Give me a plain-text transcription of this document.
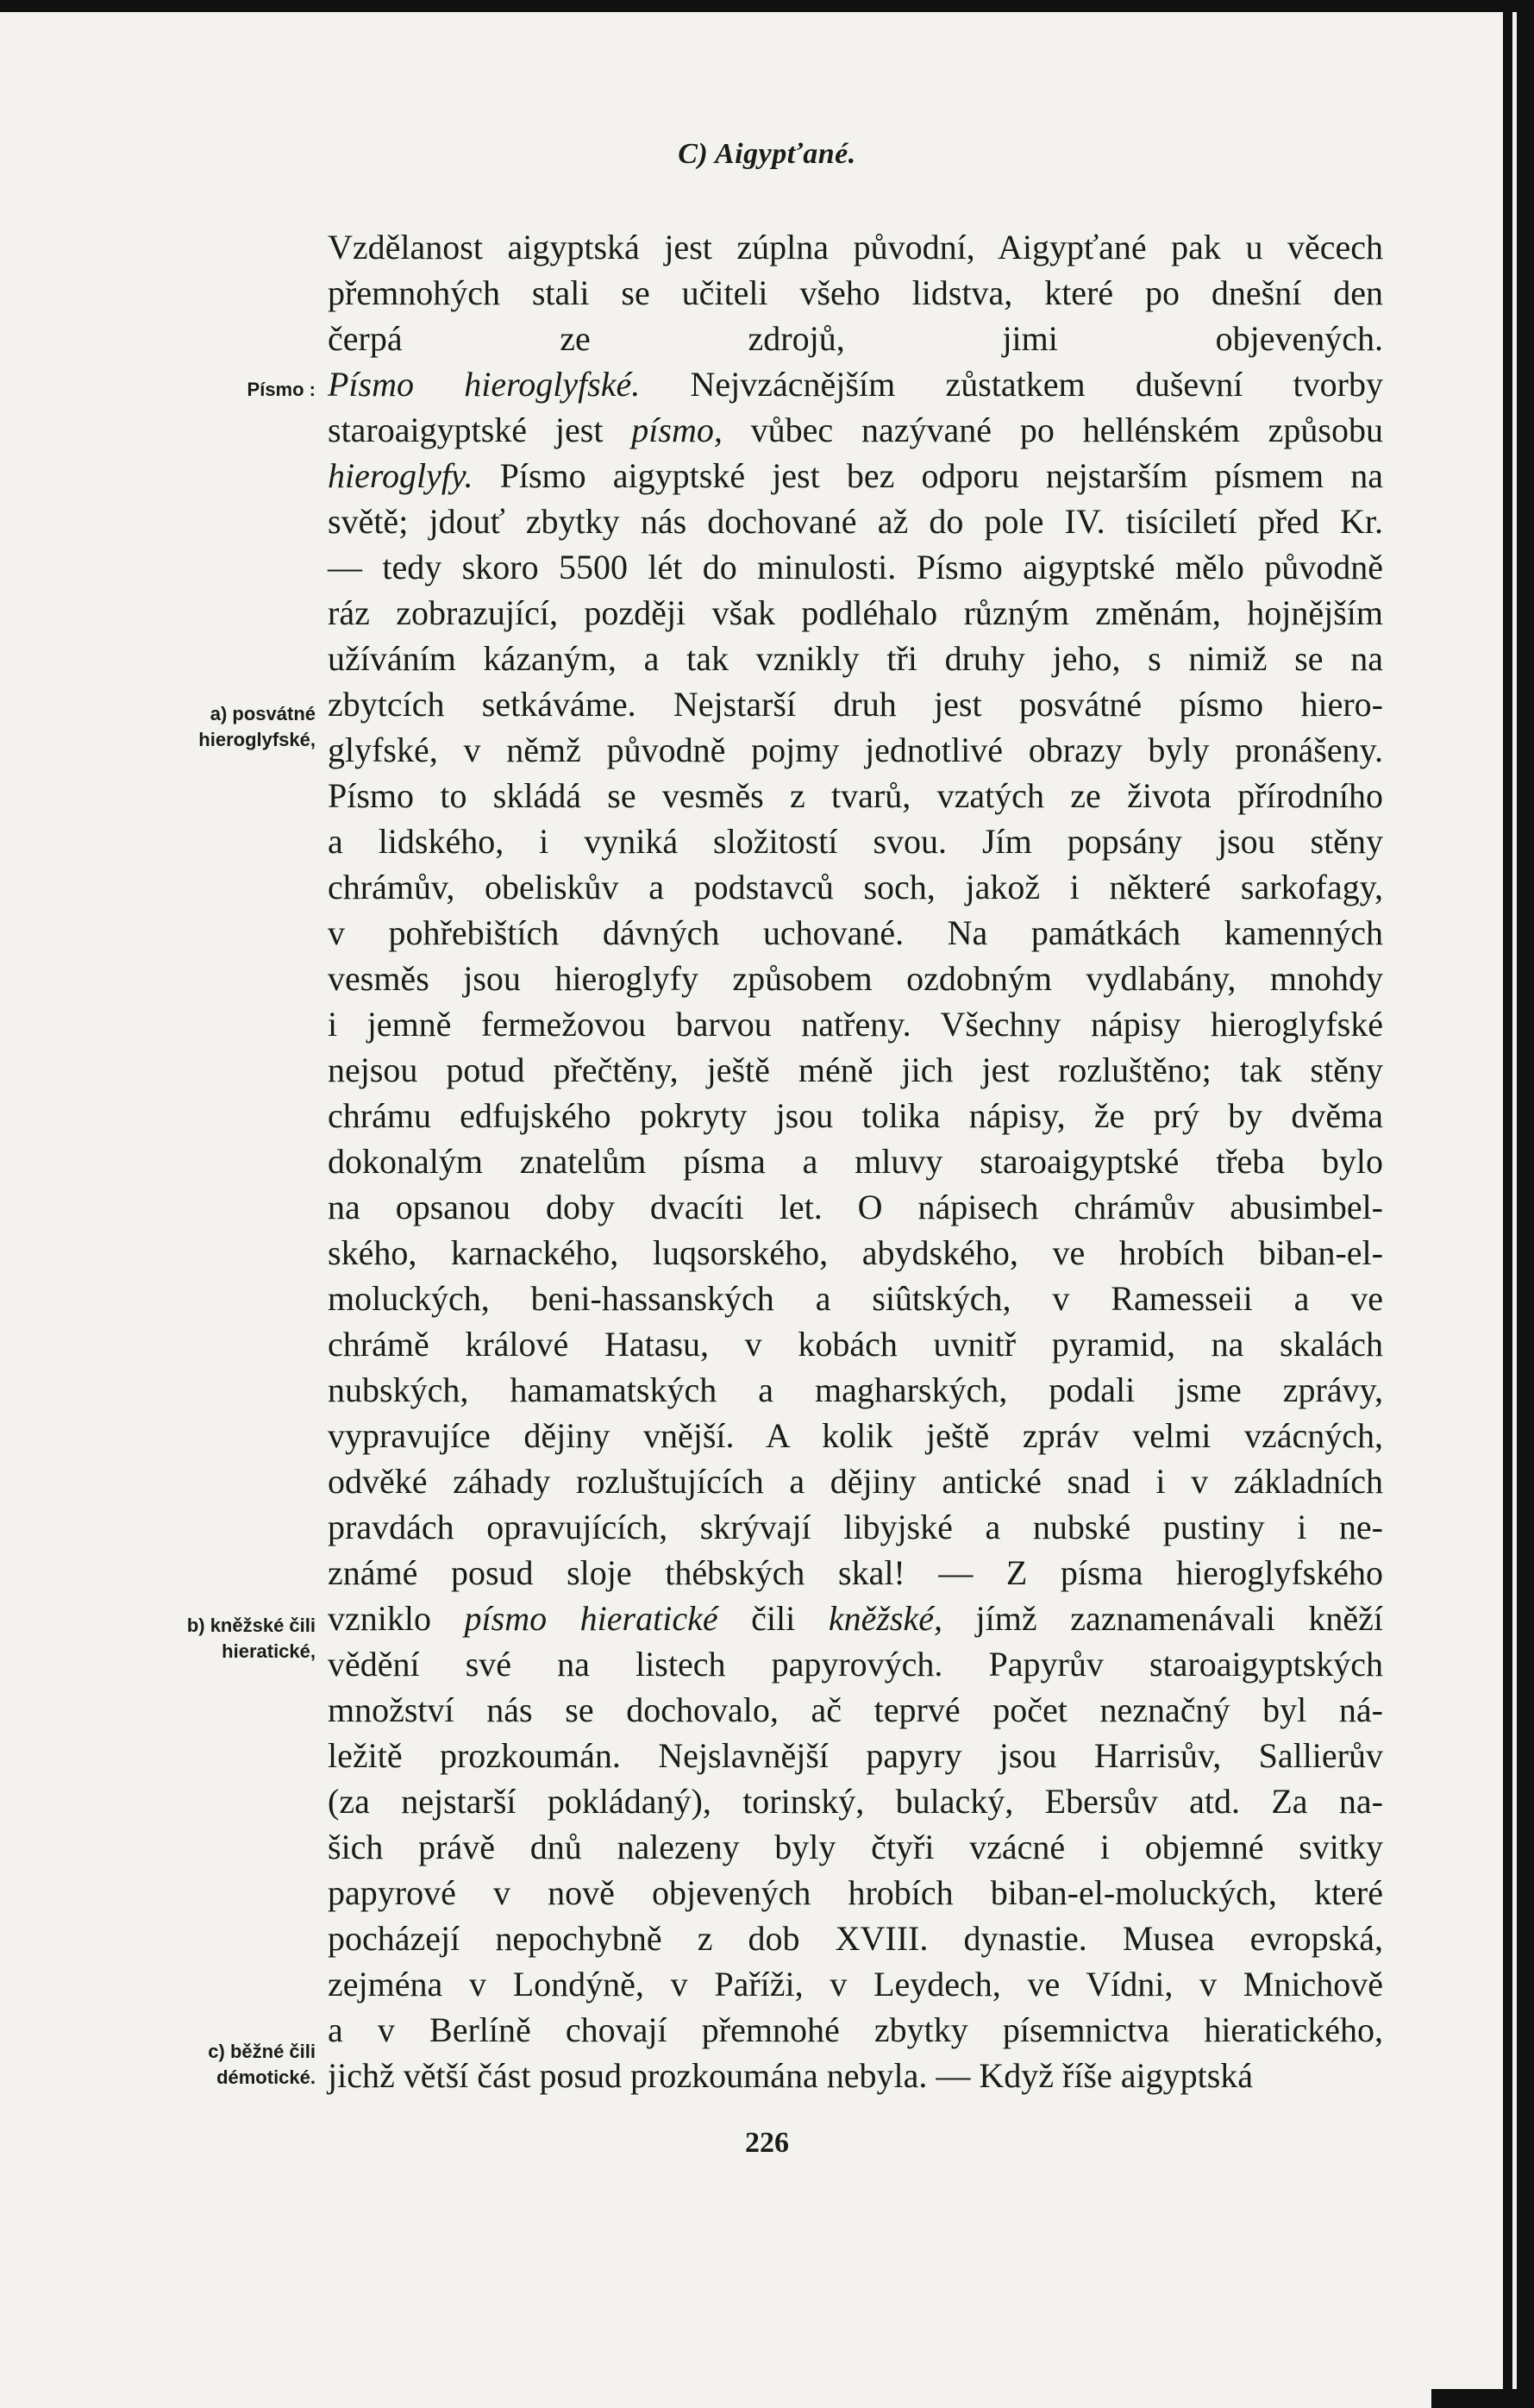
C) Aigypťané.
Vzdělanost aigyptská jest zúplna původní, Aigypťané pak u věcech
přemnohých stali se učiteli všeho lidstva, které po dnešní den
čerpá ze zdrojů, jimi objevených.
Písmo hieroglyfské. Nejvzácnějším zůstatkem duševní tvorby
staroaigyptské jest písmo, vůbec nazývané po hellénském způsobu
hieroglyfy. Písmo aigyptské jest bez odporu nejstarším písmem na
světě; jdouť zbytky nás dochované až do pole IV. tisíciletí před Kr.
— tedy skoro 5500 lét do minulosti. Písmo aigyptské mělo původně
ráz zobrazující, později však podléhalo různým změnám, hojnějším
užíváním kázaným, a tak vznikly tři druhy jeho, s nimiž se na
zbytcích setkáváme. Nejstarší druh jest posvátné písmo hiero-
glyfské, v němž původně pojmy jednotlivé obrazy byly pronášeny.
Písmo to skládá se vesměs z tvarů, vzatých ze života přírodního
a lidského, i vyniká složitostí svou. Jím popsány jsou stěny
chrámův, obeliskův a podstavců soch, jakož i některé sarkofagy,
v pohřebištích dávných uchované. Na památkách kamenných
vesměs jsou hieroglyfy způsobem ozdobným vydlabány, mnohdy
i jemně fermežovou barvou natřeny. Všechny nápisy hieroglyfské
nejsou potud přečtěny, ještě méně jich jest rozluštěno; tak stěny
chrámu edfujského pokryty jsou tolika nápisy, že prý by dvěma
dokonalým znatelům písma a mluvy staroaigyptské třeba bylo
na opsanou doby dvacíti let. O nápisech chrámův abusimbel-
ského, karnackého, luqsorského, abydského, ve hrobích biban-el-
moluckých, beni-hassanských a siûtských, v Ramesseii a ve
chrámě králové Hatasu, v kobách uvnitř pyramid, na skalách
nubských, hamamatských a magharských, podali jsme zprávy,
vypravujíce dějiny vnější. A kolik ještě zpráv velmi vzácných,
odvěké záhady rozluštujících a dějiny antické snad i v základních
pravdách opravujících, skrývají libyjské a nubské pustiny i ne-
známé posud sloje thébských skal! — Z písma hieroglyfského
vzniklo písmo hieratické čili kněžské, jímž zaznamenávali kněží
vědění své na listech papyrových. Papyrův staroaigyptských
množství nás se dochovalo, ač teprvé počet neznačný byl ná-
ležitě prozkoumán. Nejslavnější papyry jsou Harrisův, Sallierův
(za nejstarší pokládaný), torinský, bulacký, Ebersův atd. Za na-
šich právě dnů nalezeny byly čtyři vzácné i objemné svitky
papyrové v nově objevených hrobích biban-el-moluckých, které
pocházejí nepochybně z dob XVIII. dynastie. Musea evropská,
zejména v Londýně, v Paříži, v Leydech, ve Vídni, v Mnichově
a v Berlíně chovají přemnohé zbytky písemnictva hieratického,
jichž větší část posud prozkoumána nebyla. — Když říše aigyptská
Písmo :
a) posvátné
hieroglyfské,
b) kněžské čili
hieratické,
c) běžné čili
démotické.
226
